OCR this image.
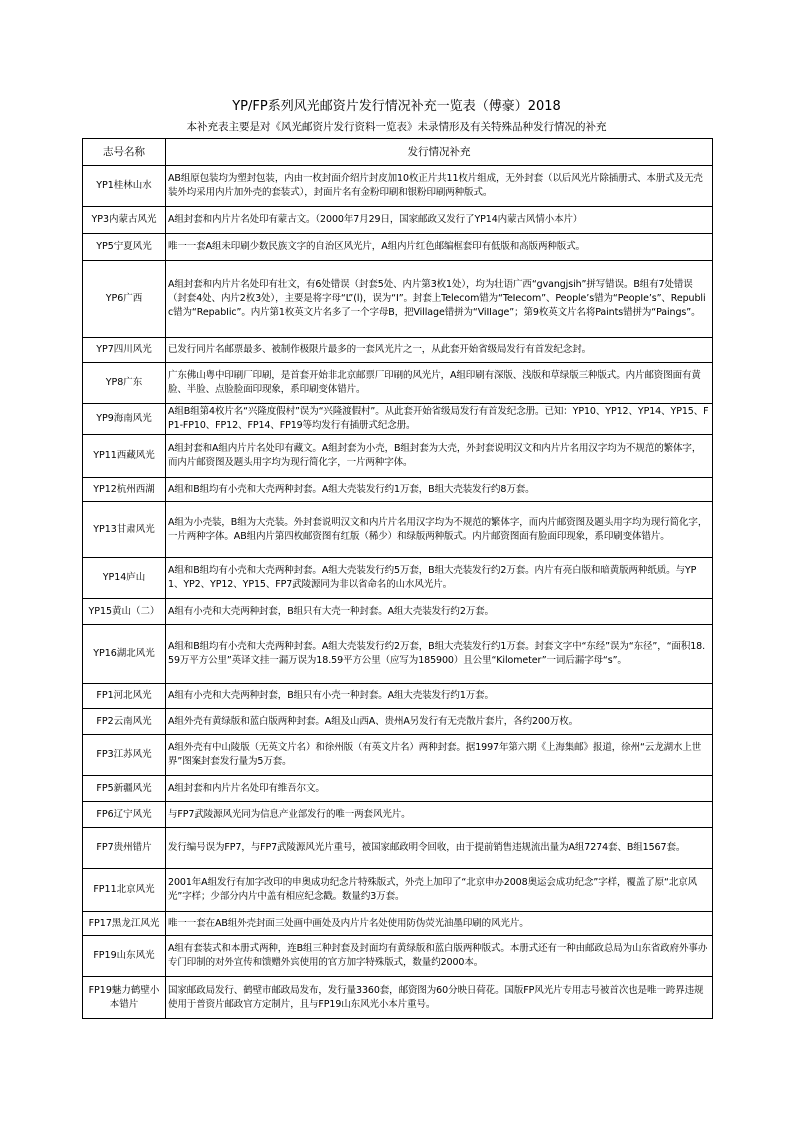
YP/FP系列风光邮资片发行情况补充一览表（傅豪）2018
本补充表主要是对《风光邮资片发行资料一览表》未录情形及有关特殊品种发行情况的补充
志号名称	发行情况补充
YP1桂林山水	AB组原包装均为塑封包装，内由一枚封面介绍片封皮加10枚正片共11枚片组成，无外封套（以后风光片除插册式、本册式及无壳装外均采用内片加外壳的套装式），封面片名有金粉印刷和银粉印刷两种版式。
YP3内蒙古风光	A组封套和内片片名处印有蒙古文。（2000年7月29日，国家邮政又发行了YP14内蒙古风情小本片）
YP5宁夏风光	唯一一套A组未印刷少数民族文字的自治区风光片，A组内片红色邮编框套印有低版和高版两种版式。
YP6广西	A组封套和内片片名处印有壮文，有6处错误（封套5处、内片第3枚1处），均为壮语广西“gvangjsih”拼写错误。B组有7处错误（封套4处、内片2枚3处），主要是将字母“L”(l)，误为“I”。封套上Telecom错为“TeIecom”、People’s错为“PeopIe’s”、Republic错为“RepabIic”。内片第1枚英文片名多了一个字母B，把Village错拼为“ViIIage”；第9枚英文片名将Paints错拼为“Paings”。
YP7四川风光	已发行同片名邮票最多、被制作极限片最多的一套风光片之一，从此套开始省级局发行有首发纪念封。
YP8广东	广东佛山粤中印刷厂印刷，是首套开始非北京邮票厂印刷的风光片，A组印刷有深版、浅版和草绿版三种版式。内片邮资图面有黄脸、半脸、点脸脸面印现象，系印刷变体错片。
YP9海南风光	A组B组第4枚片名“兴隆度假村”误为“兴隆渡假村”。从此套开始省级局发行有首发纪念册。已知：YP10、YP12、YP14、YP15、FP1-FP10、FP12、FP14、FP19等均发行有插册式纪念册。
YP11西藏风光	A组封套和A组内片片名处印有藏文。A组封套为小壳，B组封套为大壳，外封套说明汉文和内片片名用汉字均为不规范的繁体字，而内片邮资图及题头用字均为现行简化字，一片两种字体。
YP12杭州西湖	A组和B组均有小壳和大壳两种封套。A组大壳装发行约1万套，B组大壳装发行约8万套。
YP13甘肃风光	A组为小壳装，B组为大壳装。外封套说明汉文和内片片名用汉字均为不规范的繁体字，而内片邮资图及题头用字均为现行简化字，一片两种字体。AB组内片第四枚邮资图有红版（稀少）和绿版两种版式。内片邮资图面有脸面印现象，系印刷变体错片。
YP14庐山	A组和B组均有小壳和大壳两种封套。A组大壳装发行约5万套，B组大壳装发行约2万套。内片有亮白版和暗黄版两种纸质。与YP1、YP2、YP12、YP15、FP7武陵源同为非以省命名的山水风光片。
YP15黄山（二）	A组有小壳和大壳两种封套，B组只有大壳一种封套。A组大壳装发行约2万套。
YP16湖北风光	A组和B组均有小壳和大壳两种封套。A组大壳装发行约2万套，B组大壳装发行约1万套。封套文字中“东经”误为“东径”，“面积18.59万平方公里”英译文挂一漏万误为18.59平方公里（应写为185900）且公里“Kilometer”一词后漏字母“s”。
FP1河北风光	A组有小壳和大壳两种封套，B组只有小壳一种封套。A组大壳装发行约1万套。
FP2云南风光	A组外壳有黄绿版和蓝白版两种封套。A组及山西A、贵州A另发行有无壳散片套片，各约200万枚。
FP3江苏风光	A组外壳有中山陵版（无英文片名）和徐州版（有英文片名）两种封套。据1997年第六期《上海集邮》报道，徐州“云龙湖水上世界”图案封套发行量为5万套。
FP5新疆风光	A组封套和内片片名处印有维吾尔文。
FP6辽宁风光	与FP7武陵源风光同为信息产业部发行的唯一两套风光片。
FP7贵州错片	发行编号误为FP7，与FP7武陵源风光片重号，被国家邮政明令回收，由于提前销售违规流出量为A组7274套、B组1567套。
FP11北京风光	2001年A组发行有加字改印的申奥成功纪念片特殊版式，外壳上加印了“北京申办2008奥运会成功纪念”字样，覆盖了原“北京风光”字样；少部分内片中盖有相应纪念戳。数量约3万套。
FP17黑龙江风光	唯一一套在AB组外壳封面三处画中画处及内片片名处使用防伪荧光油墨印刷的风光片。
FP19山东风光	A组有套装式和本册式两种，连B组三种封套及封面均有黄绿版和蓝白版两种版式。本册式还有一种由邮政总局为山东省政府外事办专门印制的对外宣传和馈赠外宾使用的官方加字特殊版式，数量约2000本。
FP19魅力鹤壁小本错片	国家邮政局发行、鹤壁市邮政局发布，发行量3360套，邮资图为60分映日荷花。国版FP风光片专用志号被首次也是唯一跨界违规使用于普资片邮政官方定制片，且与FP19山东风光小本片重号。
